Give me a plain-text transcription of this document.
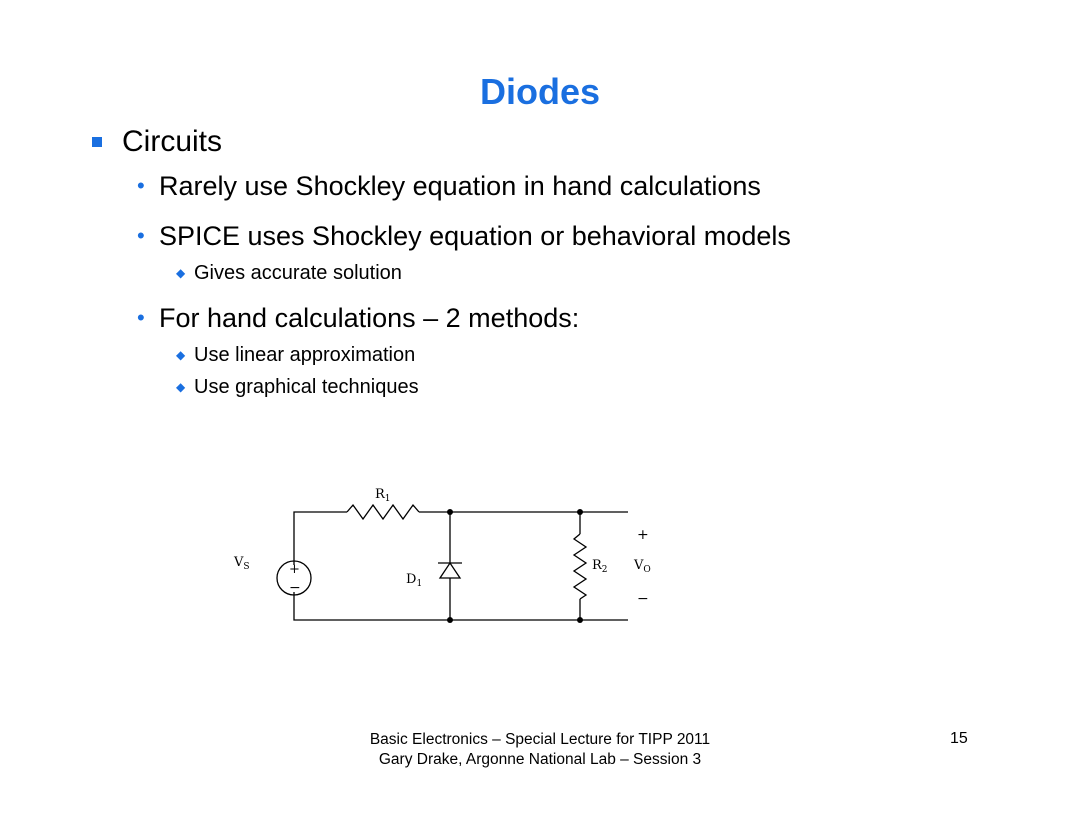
Diodes
Circuits
• Rarely use Shockley equation in hand calculations
• SPICE uses Shockley equation or behavioral models
◆ Gives accurate solution
• For hand calculations – 2 methods:
◆ Use linear approximation
◆ Use graphical techniques
$R_1$
$V_S$	+
−
$D_1$
$R_2$ $V_O$
+
−
Basic Electronics – Special Lecture for TIPP 2011
Gary Drake, Argonne National Lab – Session 3
15
